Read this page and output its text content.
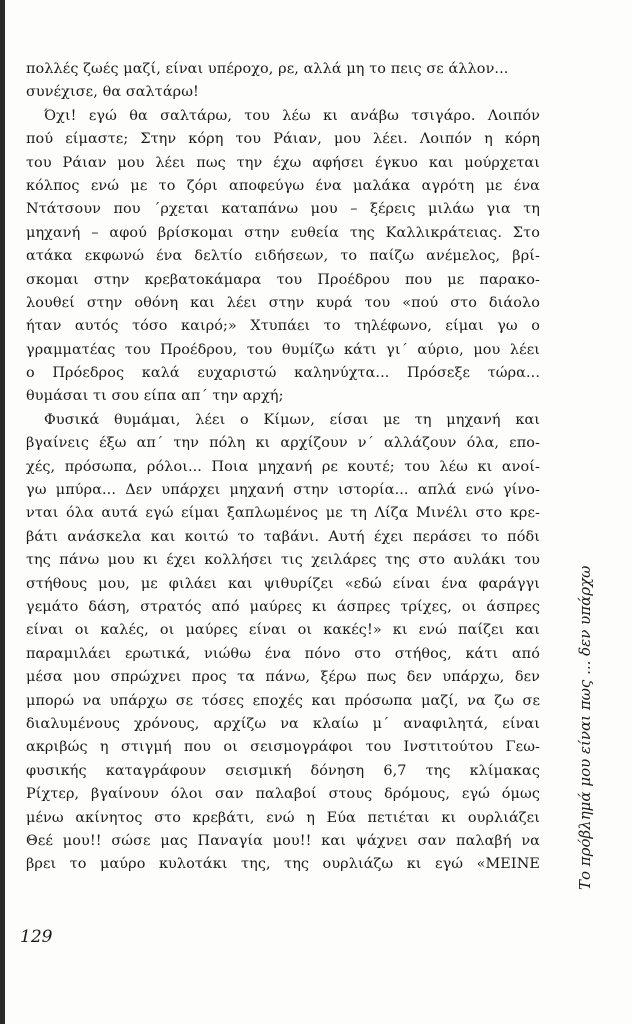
πολλές ζωές μαζί, είναι υπέροχο, ρε, αλλά μη το πεις σε άλλον...
συνέχισε, θα σαλτάρω!
Όχι! εγώ θα σαλτάρω, του λέω κι ανάβω τσιγάρο. Λοιπόν
πού είμαστε; Στην κόρη του Ράιαν, μου λέει. Λοιπόν η κόρη
του Ράιαν μου λέει πως την έχω αφήσει έγκυο και μούρχεται
κόλπος ενώ με το ζόρι αποφεύγω ένα μαλάκα αγρότη με ένα
Ντάτσουν που ΄ρχεται καταπάνω μου – ξέρεις μιλάω για τη
μηχανή – αφού βρίσκομαι στην ευθεία της Καλλικράτειας. Στο
ατάκα εκφωνώ ένα δελτίο ειδήσεων, το παίζω ανέμελος, βρί-
σκομαι στην κρεβατοκάμαρα του Προέδρου που με παρακο-
λουθεί στην οθόνη και λέει στην κυρά του «πού στο διάολο
ήταν αυτός τόσο καιρό;» Χτυπάει το τηλέφωνο, είμαι γω ο
γραμματέας του Προέδρου, του θυμίζω κάτι γι΄ αύριο, μου λέει
ο Πρόεδρος καλά ευχαριστώ καληνύχτα... Πρόσεξε τώρα...
θυμάσαι τι σου είπα απ΄ την αρχή;
Φυσικά θυμάμαι, λέει ο Κίμων, είσαι με τη μηχανή και
βγαίνεις έξω απ΄ την πόλη κι αρχίζουν ν΄ αλλάζουν όλα, επο-
χές, πρόσωπα, ρόλοι... Ποια μηχανή ρε κουτέ; του λέω κι ανοί-
γω μπύρα... Δεν υπάρχει μηχανή στην ιστορία... απλά ενώ γίνο-
νται όλα αυτά εγώ είμαι ξαπλωμένος με τη Λίζα Μινέλι στο κρε-
βάτι ανάσκελα και κοιτώ το ταβάνι. Αυτή έχει περάσει το πόδι
της πάνω μου κι έχει κολλήσει τις χειλάρες της στο αυλάκι του
στήθους μου, με φιλάει και ψιθυρίζει «εδώ είναι ένα φαράγγι
γεμάτο δάση, στρατός από μαύρες κι άσπρες τρίχες, οι άσπρες
είναι οι καλές, οι μαύρες είναι οι κακές!» κι ενώ παίζει και
παραμιλάει ερωτικά, νιώθω ένα πόνο στο στήθος, κάτι από
μέσα μου σπρώχνει προς τα πάνω, ξέρω πως δεν υπάρχω, δεν
μπορώ να υπάρχω σε τόσες εποχές και πρόσωπα μαζί, να ζω σε
διαλυμένους χρόνους, αρχίζω να κλαίω μ΄ αναφιλητά, είναι
ακριβώς η στιγμή που οι σεισμογράφοι του Ινστιτούτου Γεω-
φυσικής καταγράφουν σεισμική δόνηση 6,7 της κλίμακας
Ρίχτερ, βγαίνουν όλοι σαν παλαβοί στους δρόμους, εγώ όμως
μένω ακίνητος στο κρεβάτι, ενώ η Εύα πετιέται κι ουρλιάζει
Θεέ μου!! σώσε μας Παναγία μου!! και ψάχνει σαν παλαβή να
βρει το μαύρο κυλοτάκι της, της ουρλιάζω κι εγώ «ΜΕΙΝΕ Το πρόβλημά μου είναι πως ... δεν υπάρχω
129
